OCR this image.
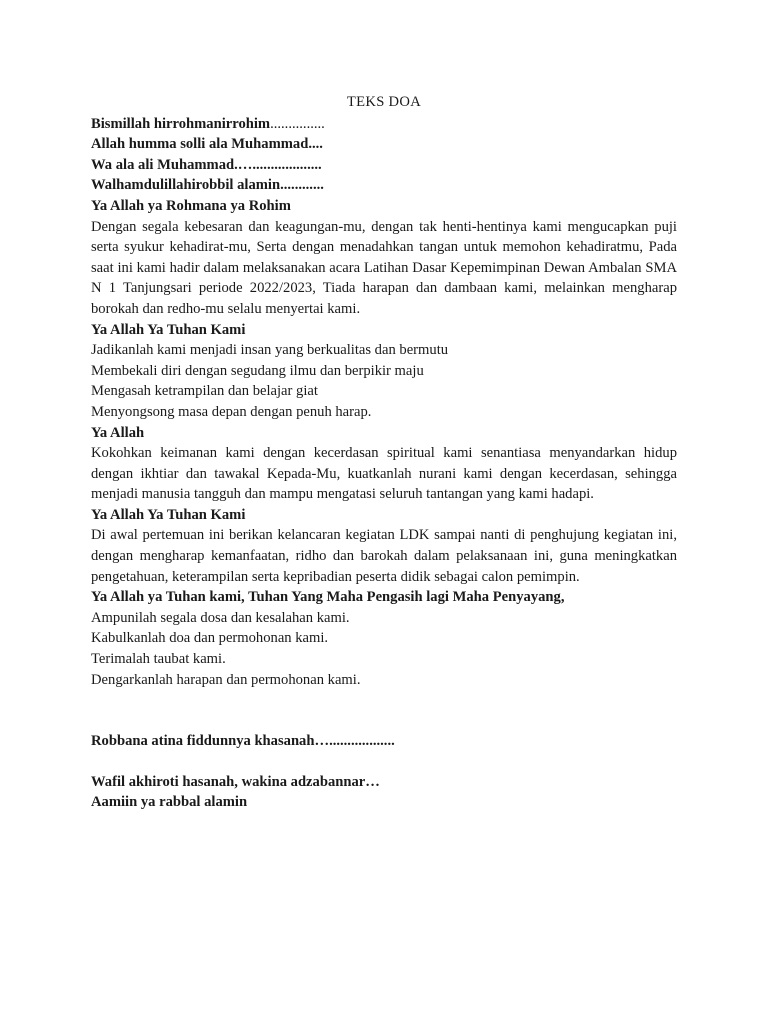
TEKS DOA

Bismillah hirrohmanirrohim...............

Allah humma solli ala Muhammad....

Wa ala ali Muhammad.…...................

Walhamdulillahirobbil alamin............

Ya Allah ya Rohmana ya Rohim

Dengan segala kebesaran dan keagungan-mu, dengan tak henti-hentinya kami mengucapkan puji serta syukur kehadirat-mu, Serta dengan menadahkan tangan untuk memohon kehadiratmu, Pada saat ini kami hadir dalam melaksanakan acara Latihan Dasar Kepemimpinan Dewan Ambalan SMA N 1 Tanjungsari periode 2022/2023, Tiada harapan dan dambaan kami, melainkan mengharap borokah dan redho-mu selalu menyertai kami.

Ya Allah Ya Tuhan Kami

Jadikanlah kami menjadi insan yang berkualitas dan bermutu

Membekali diri dengan segudang ilmu dan berpikir maju

Mengasah ketrampilan dan belajar giat

Menyongsong masa depan dengan penuh harap.

Ya Allah

Kokohkan keimanan kami dengan kecerdasan spiritual kami senantiasa menyandarkan hidup dengan ikhtiar dan tawakal Kepada-Mu, kuatkanlah nurani kami dengan kecerdasan, sehingga menjadi manusia tangguh dan mampu mengatasi seluruh tantangan yang kami hadapi.

Ya Allah Ya Tuhan Kami

Di awal pertemuan ini berikan kelancaran kegiatan LDK sampai nanti di penghujung kegiatan ini, dengan mengharap kemanfaatan, ridho dan barokah dalam pelaksanaan ini, guna meningkatkan pengetahuan, keterampilan serta kepribadian peserta didik sebagai calon pemimpin.

Ya Allah ya Tuhan kami, Tuhan Yang Maha Pengasih lagi Maha Penyayang,

Ampunilah segala dosa dan kesalahan kami.

Kabulkanlah doa dan permohonan kami.

Terimalah taubat kami.

Dengarkanlah harapan dan permohonan kami.

Robbana atina fiddunnya khasanah…..................

Wafil akhiroti hasanah, wakina adzabannar…

Aamiin ya rabbal alamin
